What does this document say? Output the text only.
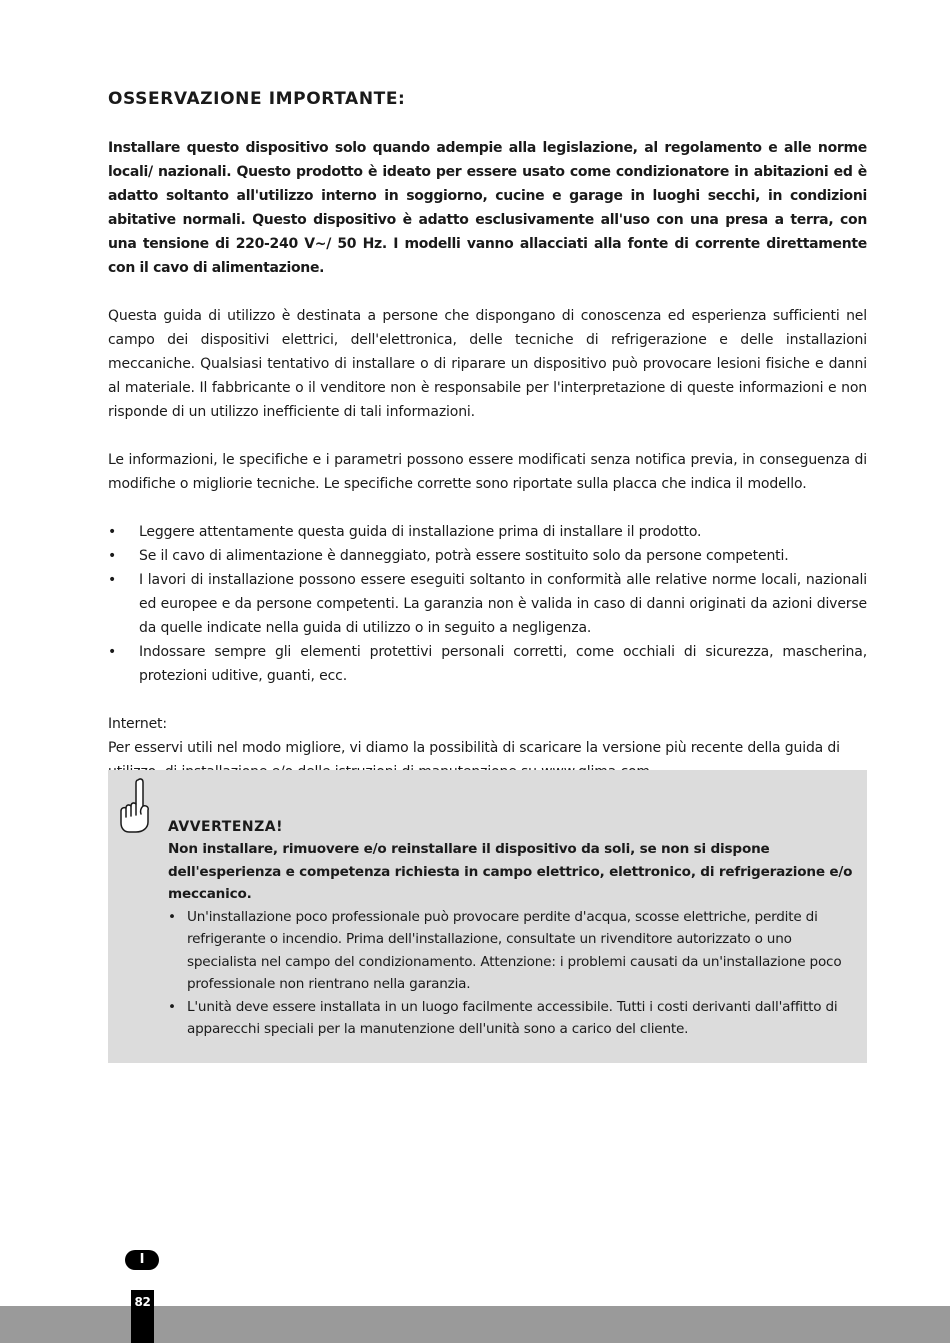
OSSERVAZIONE IMPORTANTE:
Installare questo dispositivo solo quando adempie alla legislazione, al regolamento e alle norme locali/ nazionali. Questo prodotto è ideato per essere usato come condizionatore in abitazioni ed è adatto soltanto all'utilizzo interno in soggiorno, cucine e garage in luoghi secchi, in condizioni abitative normali. Questo dispositivo è adatto esclusivamente all'uso con una presa a terra, con una tensione di 220-240 V~/ 50 Hz. I modelli vanno allacciati alla fonte di corrente direttamente con il cavo di alimentazione.

Questa guida di utilizzo è destinata a persone che dispongano di conoscenza ed esperienza sufficienti nel campo dei dispositivi elettrici, dell'elettronica, delle tecniche di refrigerazione e delle installazioni meccaniche. Qualsiasi tentativo di installare o di riparare un dispositivo può provocare lesioni fisiche e danni al materiale. Il fabbricante o il venditore non è responsabile per l'interpretazione di queste informazioni e non risponde di un utilizzo inefficiente di tali informazioni.

Le informazioni, le specifiche e i parametri possono essere modificati senza notifica previa, in conseguenza di modifiche o migliorie tecniche. Le specifiche corrette sono riportate sulla placca che indica il modello.

• Leggere attentamente questa guida di installazione prima di installare il prodotto.
• Se il cavo di alimentazione è danneggiato, potrà essere sostituito solo da persone competenti.
• I lavori di installazione possono essere eseguiti soltanto in conformità alle relative norme locali, nazionali ed europee e da persone competenti. La garanzia non è valida in caso di danni originati da azioni diverse da quelle indicate nella guida di utilizzo o in seguito a negligenza.
• Indossare sempre gli elementi protettivi personali corretti, come occhiali di sicurezza, mascherina, protezioni uditive, guanti, ecc.
Internet:
Per esservi utili nel modo migliore, vi diamo la possibilità di scaricare la versione più recente della guida di
AVVERTENZA!
Non installare, rimuovere e/o reinstallare il dispositivo da soli, se non si dispone dell'esperienza e competenza richiesta in campo elettrico, elettronico, di refrigerazione e/o meccanico.
• Un'installazione poco professionale può provocare perdite d'acqua, scosse elettriche, perdite di refrigerante o incendio. Prima dell'installazione, consultate un rivenditore autorizzato o uno specialista nel campo del condizionamento. Attenzione: i problemi causati da un'installazione poco professionale non rientrano nella garanzia.
• L'unità deve essere installata in un luogo facilmente accessibile. Tutti i costi derivanti dall'affitto di apparecchi speciali per la manutenzione dell'unità sono a carico del cliente.
I
82
